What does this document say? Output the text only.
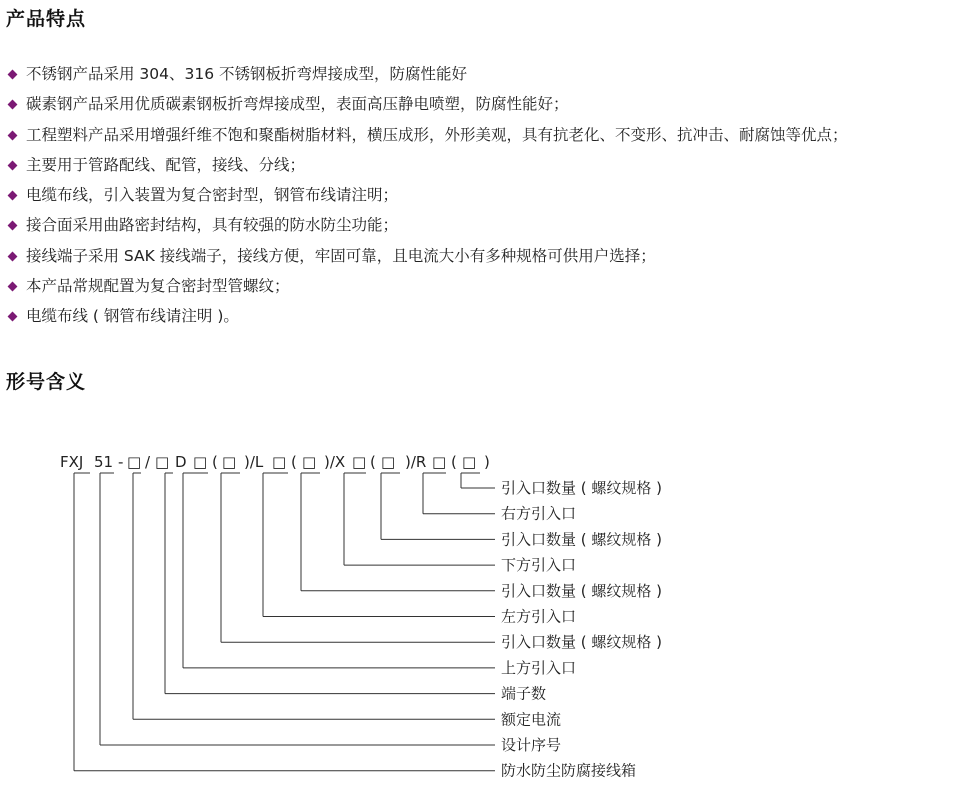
产品特点
不锈钢产品采用 304、316 不锈钢板折弯焊接成型，防腐性能好
碳素钢产品采用优质碳素钢板折弯焊接成型，表面高压静电喷塑，防腐性能好；
工程塑料产品采用增强纤维不饱和聚酯树脂材料，横压成形，外形美观，具有抗老化、不变形、抗冲击、耐腐蚀等优点；
主要用于管路配线、配管，接线、分线；
电缆布线，引入装置为复合密封型，钢管布线请注明；
接合面采用曲路密封结构，具有较强的防水防尘功能；
接线端子采用 SAK 接线端子，接线方便，牢固可靠，且电流大小有多种规格可供用户选择；
本产品常规配置为复合密封型管螺纹；
电缆布线 ( 钢管布线请注明 )。
形号含义
FXJ 51 - □ / □ D □ ( □ )/L □ ( □ )/X □ ( □ )/R □ ( □ )
引入口数量 ( 螺纹规格 )
右方引入口
引入口数量 ( 螺纹规格 )
下方引入口
引入口数量 ( 螺纹规格 )
左方引入口
引入口数量 ( 螺纹规格 )
上方引入口
端子数
额定电流
设计序号
防水防尘防腐接线箱
